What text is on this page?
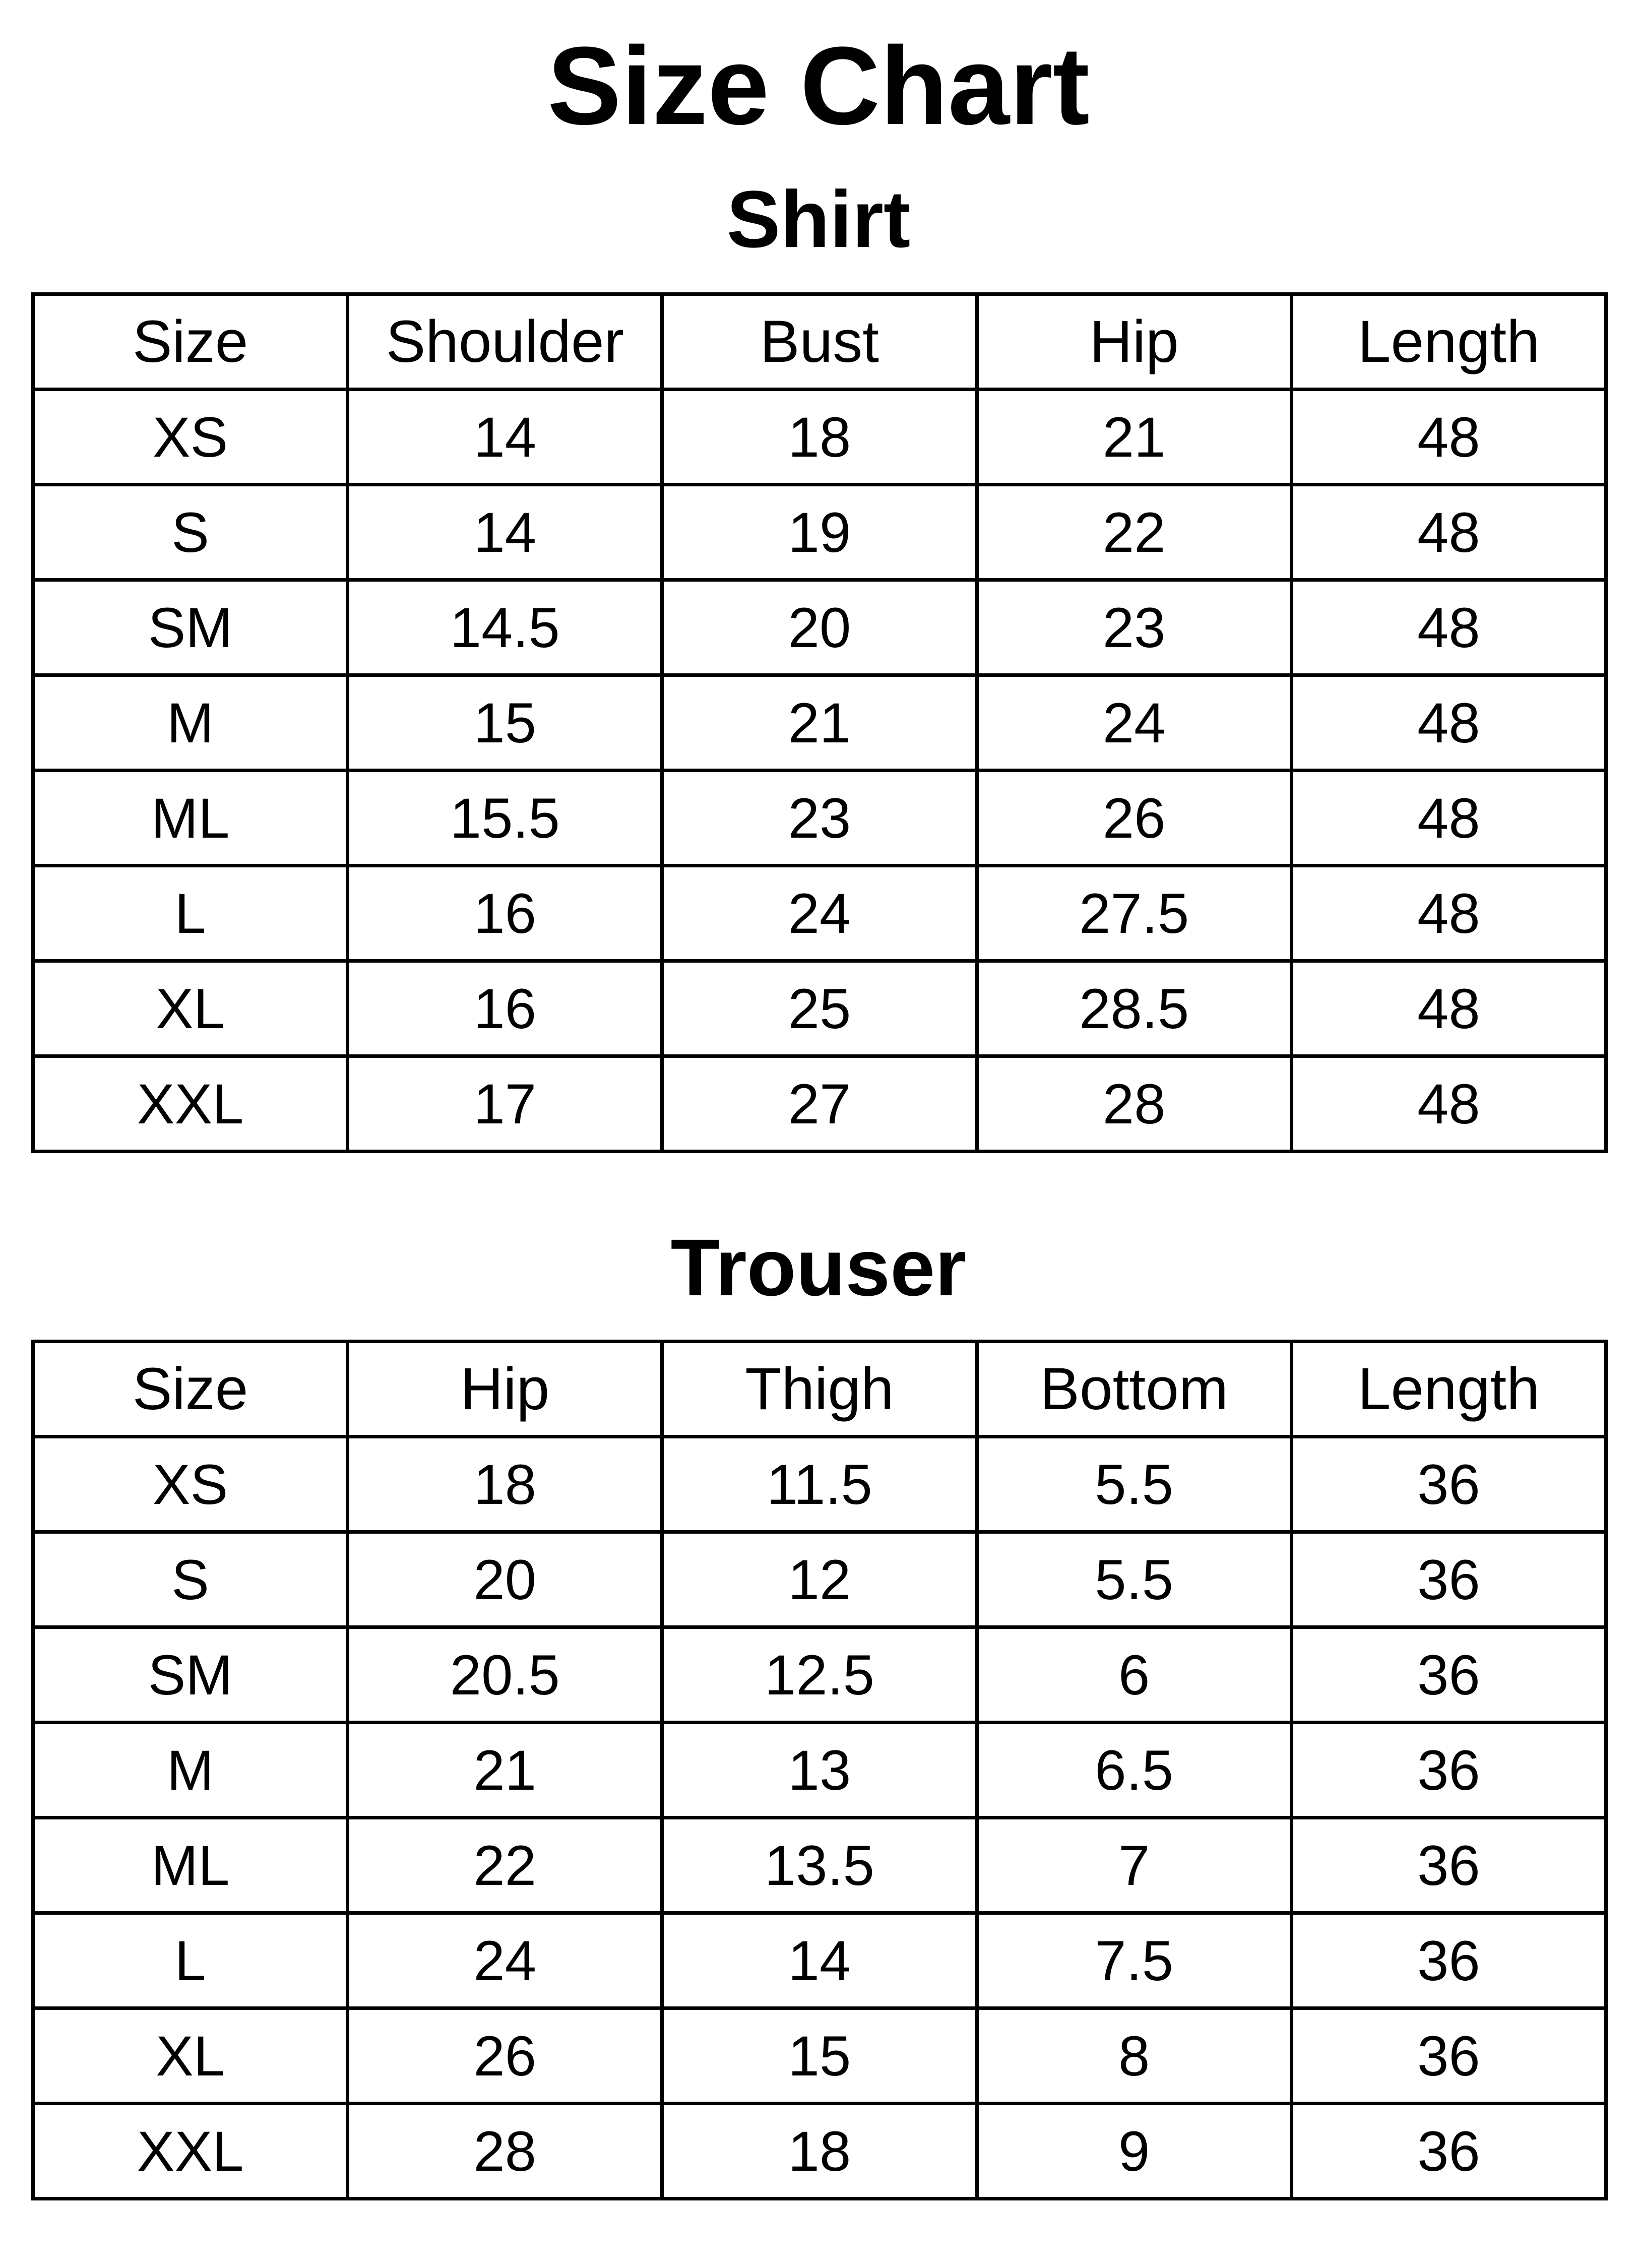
Size Chart
Shirt
Size	Shoulder	Bust	Hip	Length
XS	14	18	21	48
S	14	19	22	48
SM	14.5	20	23	48
M	15	21	24	48
ML	15.5	23	26	48
L	16	24	27.5	48
XL	16	25	28.5	48
XXL	17	27	28	48
Trouser
Size	Hip	Thigh	Bottom	Length
XS	18	11.5	5.5	36
S	20	12	5.5	36
SM	20.5	12.5	6	36
M	21	13	6.5	36
ML	22	13.5	7	36
L	24	14	7.5	36
XL	26	15	8	36
XXL	28	18	9	36
